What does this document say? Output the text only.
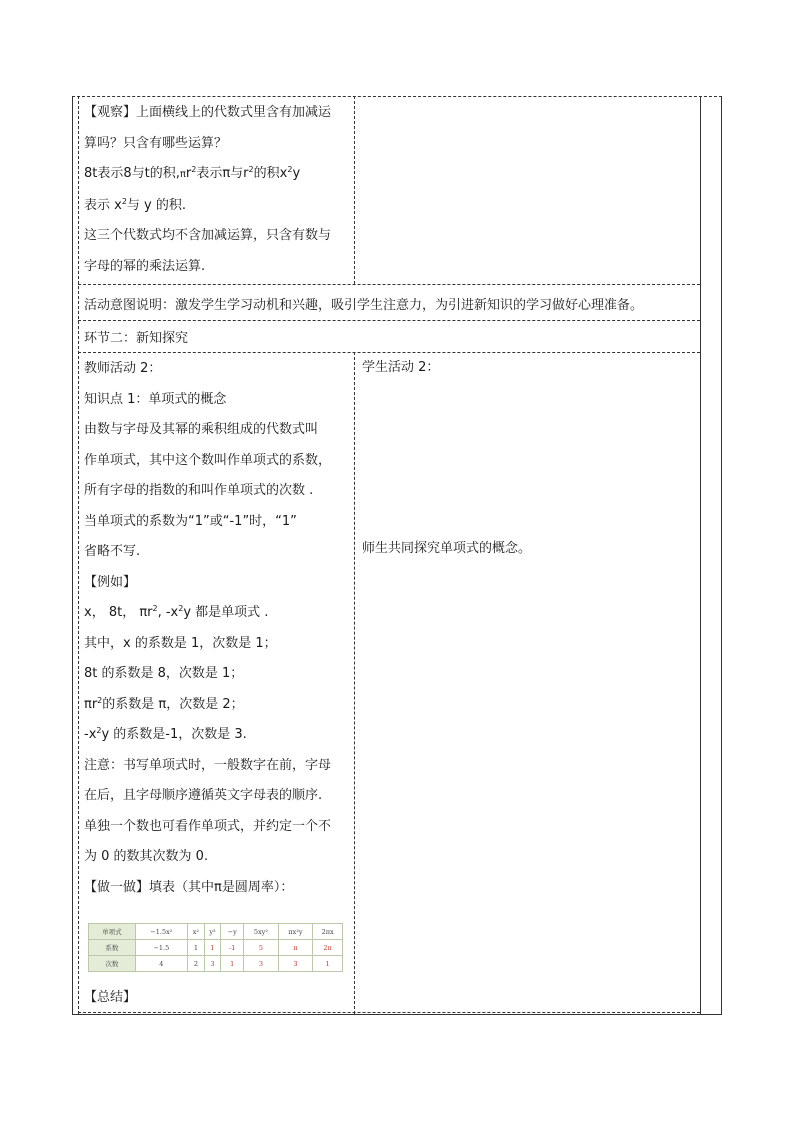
【观察】上面横线上的代数式里含有加减运

算吗？只含有哪些运算？

8t表示8与t的积$,\pi r^2$表示π与$r^2$的积$x^2y$

表示 $x^2$与 y 的积.

这三个代数式均不含加减运算，只含有数与

字母的幂的乘法运算.

活动意图说明：激发学生学习动机和兴趣，吸引学生注意力，为引进新知识的学习做好心理准备。
环节二：新知探究

教师活动 2：

知识点 1：单项式的概念

由数与字母及其幂的乘积组成的代数式叫

作单项式，其中这个数叫作单项式的系数，

所有字母的指数的和叫作单项式的次数 .

当单项式的系数为“1”或“-1”时，“1”

省略不写.

【例如】

x， 8t， $\pi r^2$, $-x^2y$ 都是单项式 .

其中，x 的系数是 1，次数是 1；

8t 的系数是 8，次数是 1；

$\pi r^2$的系数是 π，次数是 2；

$-x^2y$ 的系数是-1，次数是 3.

注意：书写单项式时，一般数字在前，字母

在后，且字母顺序遵循英文字母表的顺序.

单独一个数也可看作单项式，并约定一个不

为 0 的数其次数为 0.

【做一做】填表（其中π是圆周率）：

单项式	−1.5x²	x²	y³	−y	5xy²	πx²y	2πx
系数	−1.5	1	1	-1	5	π	2π
次数	4	2	3	1	3	3	1
【总结】
学生活动 2：
师生共同探究单项式的概念。
